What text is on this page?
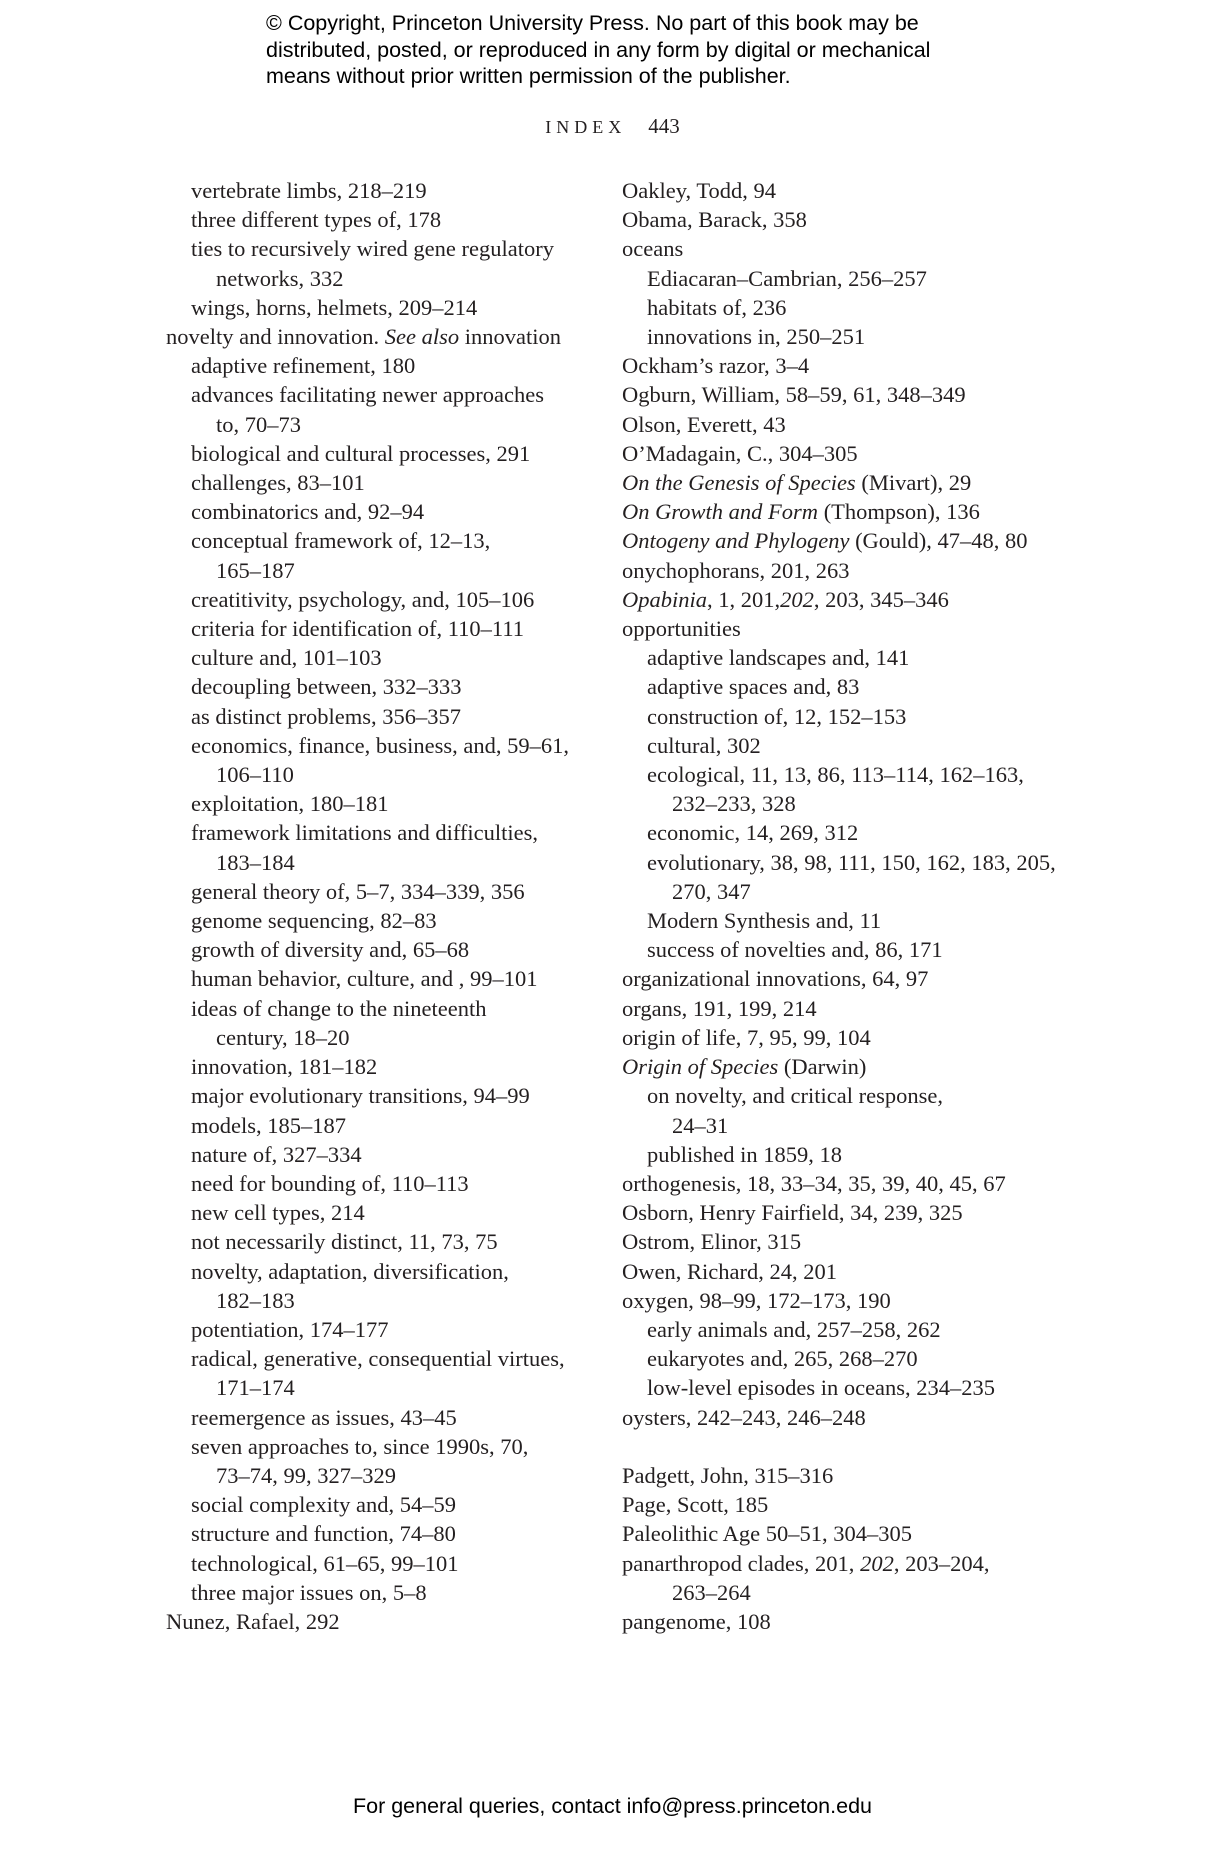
© Copyright, Princeton University Press. No part of this book may be
distributed, posted, or reproduced in any form by digital or mechanical
means without prior written permission of the publisher.
INDEX 443
vertebrate limbs, 218–219
three different types of, 178
ties to recursively wired gene regulatory
networks, 332
wings, horns, helmets, 209–214
novelty and innovation. See also innovation
adaptive refinement, 180
advances facilitating newer approaches
to, 70–73
biological and cultural processes, 291
challenges, 83–101
combinatorics and, 92–94
conceptual framework of, 12–13,
165–187
creatitivity, psychology, and, 105–106
criteria for identification of, 110–111
culture and, 101–103
decoupling between, 332–333
as distinct problems, 356–357
economics, finance, business, and, 59–61,
106–110
exploitation, 180–181
framework limitations and difficulties,
183–184
general theory of, 5–7, 334–339, 356
genome sequencing, 82–83
growth of diversity and, 65–68
human behavior, culture, and , 99–101
ideas of change to the nineteenth
century, 18–20
innovation, 181–182
major evolutionary transitions, 94–99
models, 185–187
nature of, 327–334
need for bounding of, 110–113
new cell types, 214
not necessarily distinct, 11, 73, 75
novelty, adaptation, diversification,
182–183
potentiation, 174–177
radical, generative, consequential virtues,
171–174
reemergence as issues, 43–45
seven approaches to, since 1990s, 70,
73–74, 99, 327–329
social complexity and, 54–59
structure and function, 74–80
technological, 61–65, 99–101
three major issues on, 5–8
Nunez, Rafael, 292
Oakley, Todd, 94
Obama, Barack, 358
oceans
Ediacaran–Cambrian, 256–257
habitats of, 236
innovations in, 250–251
Ockham’s razor, 3–4
Ogburn, William, 58–59, 61, 348–349
Olson, Everett, 43
O’Madagain, C., 304–305
On the Genesis of Species (Mivart), 29
On Growth and Form (Thompson), 136
Ontogeny and Phylogeny (Gould), 47–48, 80
onychophorans, 201, 263
Opabinia, 1, 201,202, 203, 345–346
opportunities
adaptive landscapes and, 141
adaptive spaces and, 83
construction of, 12, 152–153
cultural, 302
ecological, 11, 13, 86, 113–114, 162–163,
232–233, 328
economic, 14, 269, 312
evolutionary, 38, 98, 111, 150, 162, 183, 205,
270, 347
Modern Synthesis and, 11
success of novelties and, 86, 171
organizational innovations, 64, 97
organs, 191, 199, 214
origin of life, 7, 95, 99, 104
Origin of Species (Darwin)
on novelty, and critical response,
24–31
published in 1859, 18
orthogenesis, 18, 33–34, 35, 39, 40, 45, 67
Osborn, Henry Fairfield, 34, 239, 325
Ostrom, Elinor, 315
Owen, Richard, 24, 201
oxygen, 98–99, 172–173, 190
early animals and, 257–258, 262
eukaryotes and, 265, 268–270
low-level episodes in oceans, 234–235
oysters, 242–243, 246–248
Padgett, John, 315–316
Page, Scott, 185
Paleolithic Age 50–51, 304–305
panarthropod clades, 201, 202, 203–204,
263–264
pangenome, 108
For general queries, contact info@press.princeton.edu
